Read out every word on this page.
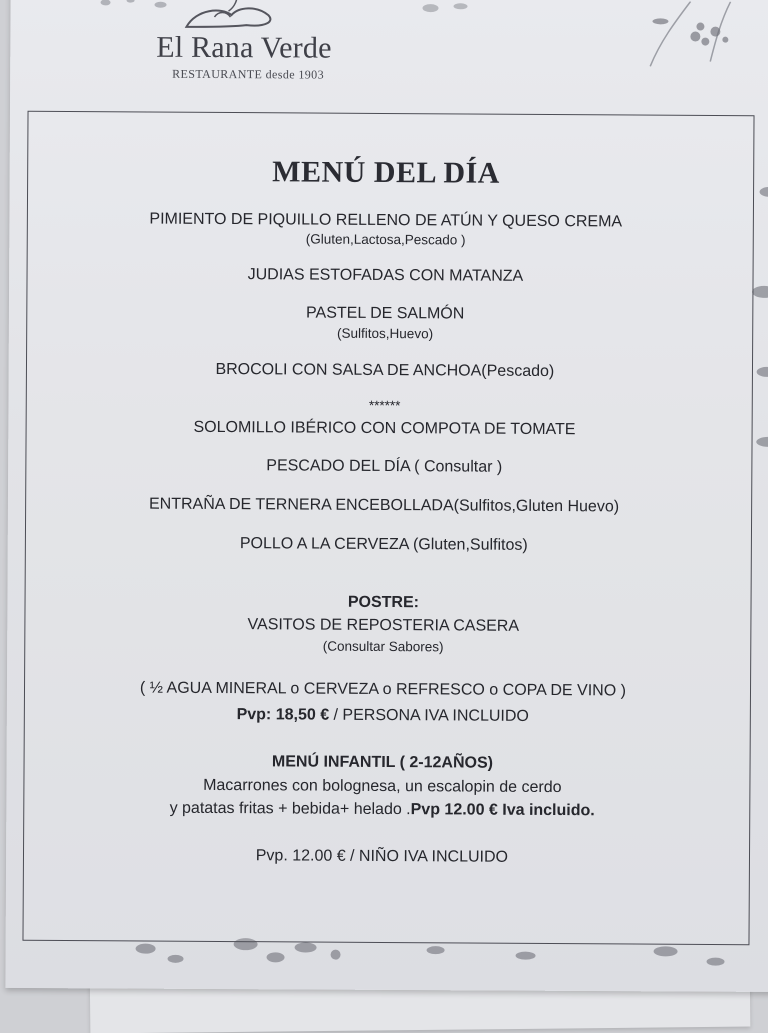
El Rana Verde
RESTAURANTE desde 1903
MENÚ DEL DÍA
PIMIENTO DE PIQUILLO RELLENO DE ATÚN Y QUESO CREMA
(Gluten,Lactosa,Pescado )
JUDIAS ESTOFADAS CON MATANZA
PASTEL DE SALMÓN
(Sulfitos,Huevo)
BROCOLI CON SALSA DE ANCHOA(Pescado)
******
SOLOMILLO IBÉRICO CON COMPOTA DE TOMATE
PESCADO DEL DÍA ( Consultar )
ENTRAÑA DE TERNERA ENCEBOLLADA(Sulfitos,Gluten Huevo)
POLLO A LA CERVEZA (Gluten,Sulfitos)
POSTRE:
VASITOS DE REPOSTERIA CASERA
(Consultar Sabores)
( ½ AGUA MINERAL o CERVEZA o REFRESCO o COPA DE VINO )
Pvp: 18,50 € / PERSONA IVA INCLUIDO
MENÚ INFANTIL ( 2-12AÑOS)
Macarrones con bolognesa, un escalopin de cerdo
y patatas fritas + bebida+ helado .Pvp 12.00 € Iva incluido.
Pvp. 12.00 € / NIÑO IVA INCLUIDO
